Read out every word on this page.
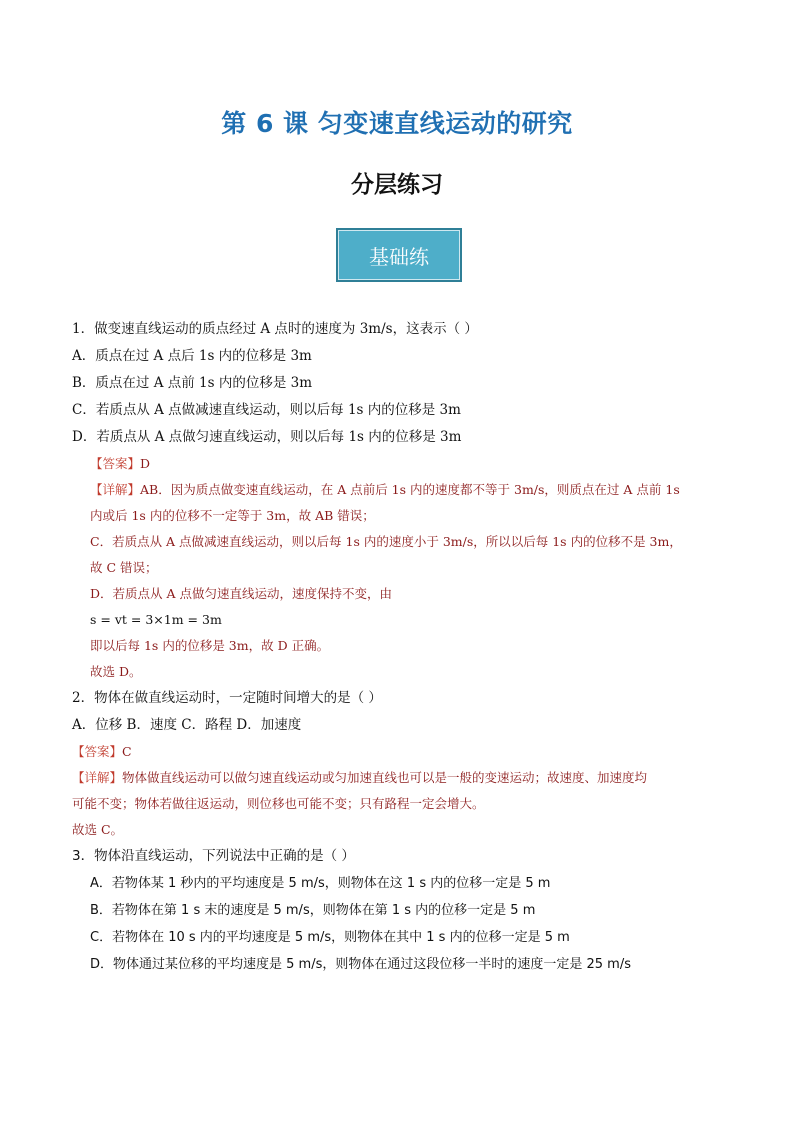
第 6 课 匀变速直线运动的研究
分层练习
基础练
1．做变速直线运动的质点经过 A 点时的速度为 3m/s，这表示（ ）
A．质点在过 A 点后 1s 内的位移是 3m
B．质点在过 A 点前 1s 内的位移是 3m
C．若质点从 A 点做减速直线运动，则以后每 1s 内的位移是 3m
D．若质点从 A 点做匀速直线运动，则以后每 1s 内的位移是 3m
【答案】D
【详解】AB．因为质点做变速直线运动，在 A 点前后 1s 内的速度都不等于 3m/s，则质点在过 A 点前 1s
内或后 1s 内的位移不一定等于 3m，故 AB 错误；
C．若质点从 A 点做减速直线运动，则以后每 1s 内的速度小于 3m/s，所以以后每 1s 内的位移不是 3m，
故 C 错误；
D．若质点从 A 点做匀速直线运动，速度保持不变，由
s = vt = 3×1m = 3m
即以后每 1s 内的位移是 3m，故 D 正确。
故选 D。
2．物体在做直线运动时，一定随时间增大的是（ ）
A．位移 B．速度 C．路程 D．加速度
【答案】C
【详解】物体做直线运动可以做匀速直线运动或匀加速直线也可以是一般的变速运动；故速度、加速度均
可能不变；物体若做往返运动，则位移也可能不变；只有路程一定会增大。
故选 C。
3．物体沿直线运动，下列说法中正确的是（ ）
A．若物体某 1 秒内的平均速度是 5 m/s，则物体在这 1 s 内的位移一定是 5 m
B．若物体在第 1 s 末的速度是 5 m/s，则物体在第 1 s 内的位移一定是 5 m
C．若物体在 10 s 内的平均速度是 5 m/s，则物体在其中 1 s 内的位移一定是 5 m
D．物体通过某位移的平均速度是 5 m/s，则物体在通过这段位移一半时的速度一定是 25 m/s
